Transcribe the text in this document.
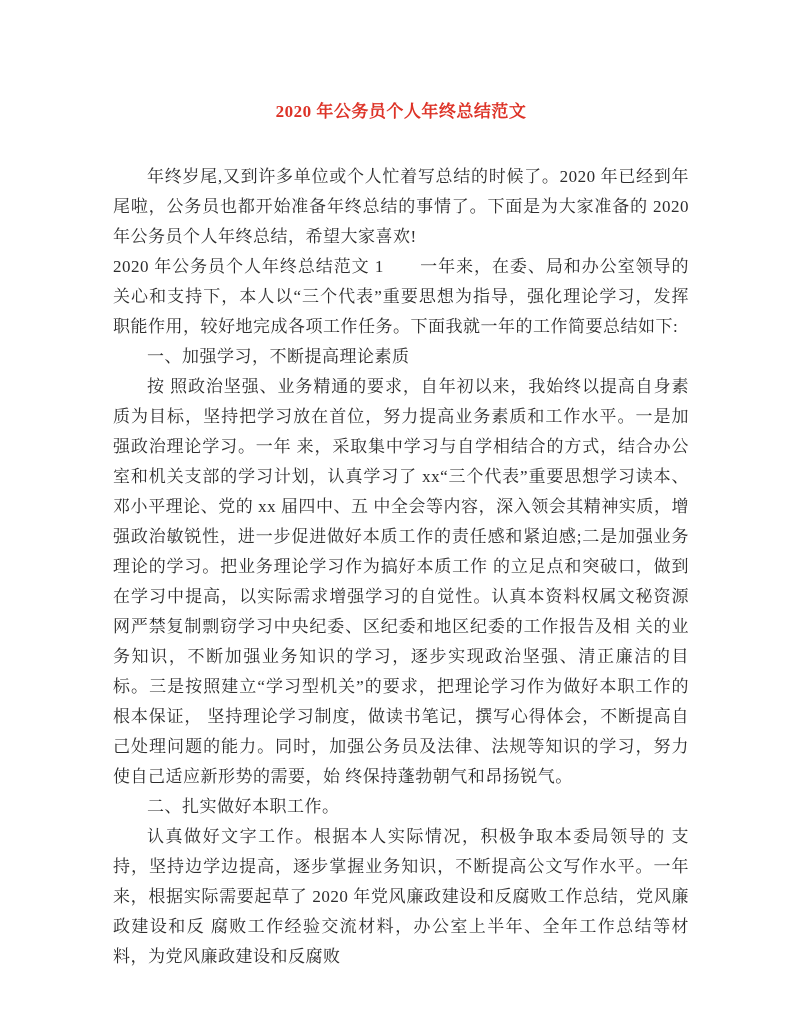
2020 年公务员个人年终总结范文

年终岁尾,又到许多单位或个人忙着写总结的时候了。2020 年已经到年尾啦，公务员也都开始准备年终总结的事情了。下面是为大家准备的 2020 年公务员个人年终总结，希望大家喜欢!

2020 年公务员个人年终总结范文 1　　一年来，在委、局和办公室领导的关心和支持下，本人以“三个代表”重要思想为指导，强化理论学习，发挥职能作用，较好地完成各项工作任务。下面我就一年的工作简要总结如下:

一、加强学习，不断提高理论素质

按 照政治坚强、业务精通的要求，自年初以来，我始终以提高自身素质为目标，坚持把学习放在首位，努力提高业务素质和工作水平。一是加强政治理论学习。一年 来，采取集中学习与自学相结合的方式，结合办公室和机关支部的学习计划，认真学习了 xx“三个代表”重要思想学习读本、邓小平理论、党的 xx 届四中、五 中全会等内容，深入领会其精神实质，增强政治敏锐性，进一步促进做好本质工作的责任感和紧迫感;二是加强业务理论的学习。把业务理论学习作为搞好本质工作 的立足点和突破口，做到在学习中提高，以实际需求增强学习的自觉性。认真本资料权属文秘资源网严禁复制剽窃学习中央纪委、区纪委和地区纪委的工作报告及相 关的业务知识，不断加强业务知识的学习，逐步实现政治坚强、清正廉洁的目标。三是按照建立“学习型机关”的要求，把理论学习作为做好本职工作的根本保证， 坚持理论学习制度，做读书笔记，撰写心得体会，不断提高自己处理问题的能力。同时，加强公务员及法律、法规等知识的学习，努力使自己适应新形势的需要，始 终保持蓬勃朝气和昂扬锐气。

二、扎实做好本职工作。

认真做好文字工作。根据本人实际情况，积极争取本委局领导的 支持，坚持边学边提高，逐步掌握业务知识，不断提高公文写作水平。一年来，根据实际需要起草了 2020 年党风廉政建设和反腐败工作总结，党风廉政建设和反 腐败工作经验交流材料，办公室上半年、全年工作总结等材料，为党风廉政建设和反腐败
